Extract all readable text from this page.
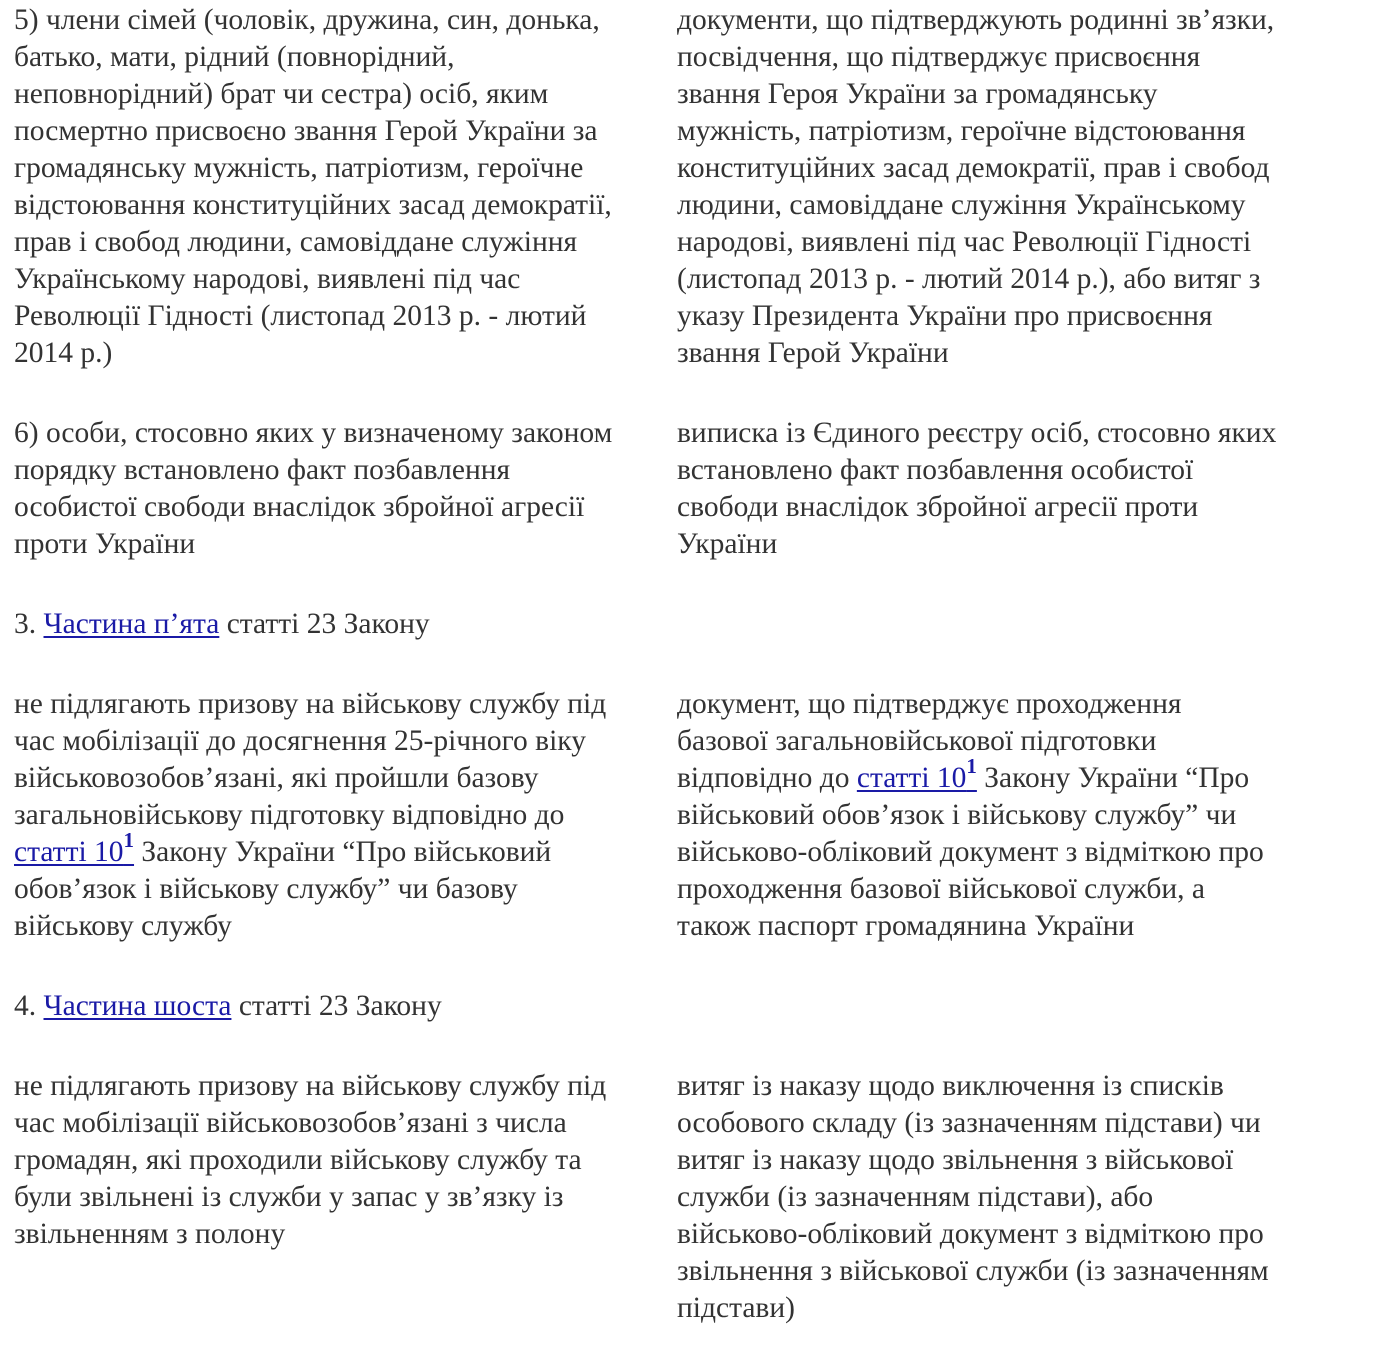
5) члени сімей (чоловік, дружина, син, донька,
батько, мати, рідний (повнорідний,
неповнорідний) брат чи сестра) осіб, яким
посмертно присвоєно звання Герой України за
громадянську мужність, патріотизм, героїчне
відстоювання конституційних засад демократії,
прав і свобод людини, самовіддане служіння
Українському народові, виявлені під час
Революції Гідності (листопад 2013 р. - лютий
2014 р.)
документи, що підтверджують родинні зв’язки,
посвідчення, що підтверджує присвоєння
звання Героя України за громадянську
мужність, патріотизм, героїчне відстоювання
конституційних засад демократії, прав і свобод
людини, самовіддане служіння Українському
народові, виявлені під час Революції Гідності
(листопад 2013 р. - лютий 2014 р.), або витяг з
указу Президента України про присвоєння
звання Герой України
6) особи, стосовно яких у визначеному законом
порядку встановлено факт позбавлення
особистої свободи внаслідок збройної агресії
проти України
виписка із Єдиного реєстру осіб, стосовно яких
встановлено факт позбавлення особистої
свободи внаслідок збройної агресії проти
України
3. Частина п’ята статті 23 Закону
не підлягають призову на військову службу під
час мобілізації до досягнення 25-річного віку
військовозобов’язані, які пройшли базову
загальновійськову підготовку відповідно до
статті 10$^1$ Закону України “Про військовий
обов’язок і військову службу” чи базову
військову службу
документ, що підтверджує проходження
базової загальновійськової підготовки
відповідно до статті 10$^1$ Закону України “Про
військовий обов’язок і військову службу” чи
військово-обліковий документ з відміткою про
проходження базової військової служби, а
також паспорт громадянина України
4. Частина шоста статті 23 Закону
не підлягають призову на військову службу під
час мобілізації військовозобов’язані з числа
громадян, які проходили військову службу та
були звільнені із служби у запас у зв’язку із
звільненням з полону
витяг із наказу щодо виключення із списків
особового складу (із зазначенням підстави) чи
витяг із наказу щодо звільнення з військової
служби (із зазначенням підстави), або
військово-обліковий документ з відміткою про
звільнення з військової служби (із зазначенням
підстави)
